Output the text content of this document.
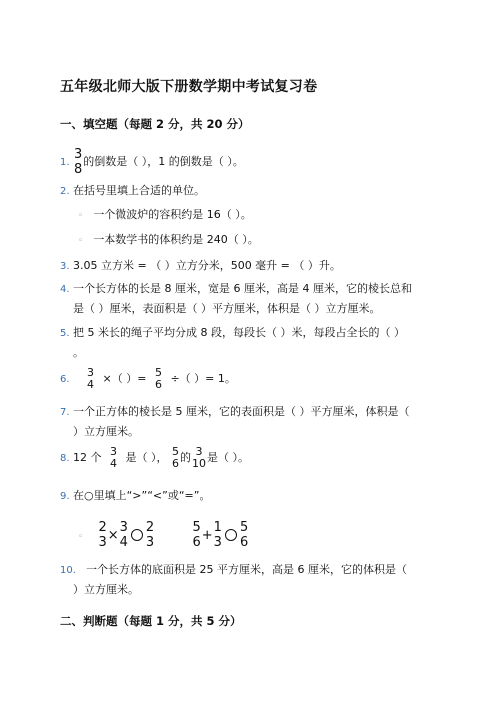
五年级北师大版下册数学期中考试复习卷
一、填空题（每题 2 分，共 20 分）
1.
3
8
的倒数是（ ），1 的倒数是（ ）。
2. 在括号里填上合适的单位。
◦ 一个微波炉的容积约是 16（ ）。
◦ 一本数学书的体积约是 240（ ）。
3. 3.05 立方米 = （ ）立方分米，500 毫升 = （ ）升。
4. 一个长方体的长是 8 厘米，宽是 6 厘米，高是 4 厘米，它的棱长总和
是（ ）厘米，表面积是（ ）平方厘米，体积是（ ）立方厘米。
5. 把 5 米长的绳子平均分成 8 段，每段长（ ）米，每段占全长的（ ）
。
6.
3
4 ×（ ）= 5
6 ÷（ ）= 1。
7. 一个正方体的棱长是 5 厘米，它的表面积是（ ）平方厘米，体积是（
）立方厘米。
8. 12 个 3
4 是（ ）， 5
6 的 3
10 是（ ）。
9. 在○里填上“>”“<”或“=”。
◦
2
3 × 3
4
2
3

5
6 + 1
3
5
6
10. 一个长方体的底面积是 25 平方厘米，高是 6 厘米，它的体积是（
）立方厘米。
二、判断题（每题 1 分，共 5 分）
